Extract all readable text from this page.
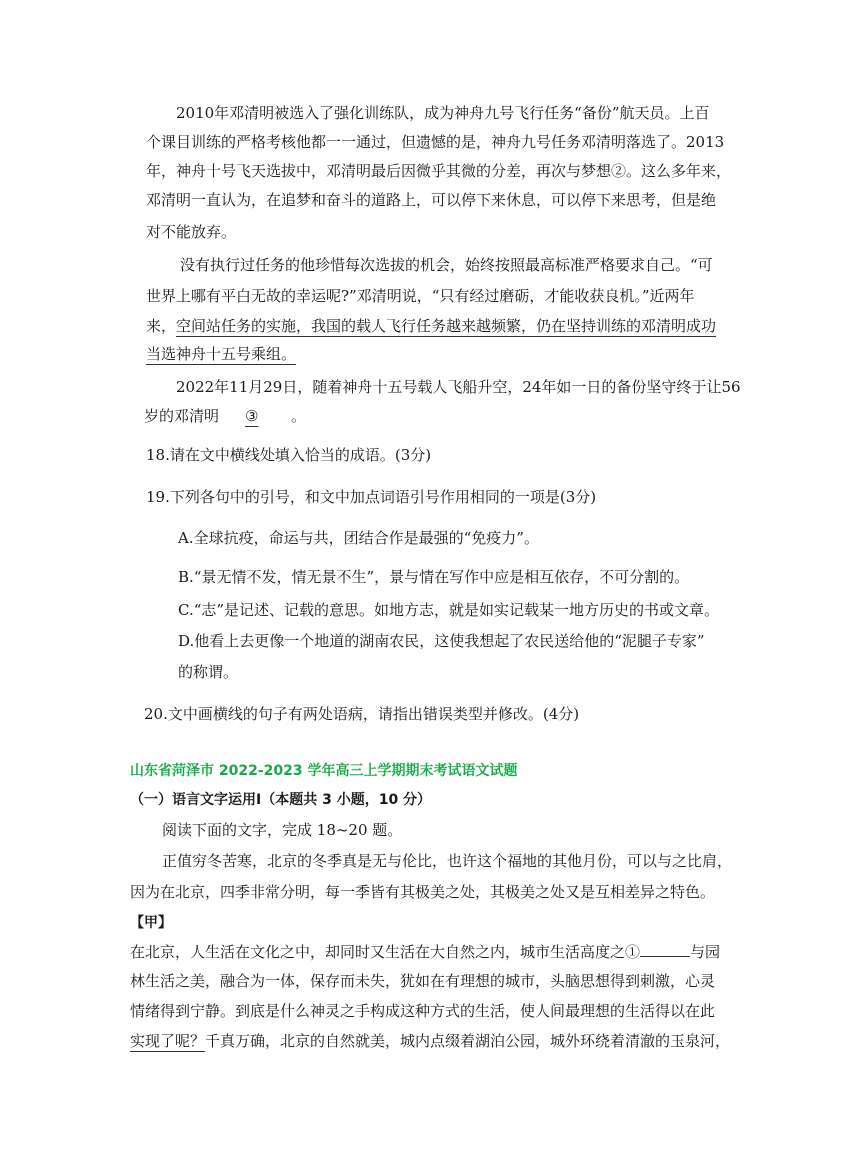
2010年邓清明被选入了强化训练队，成为神舟九号飞行任务“备份”航天员。上百
个课目训练的严格考核他都一一通过，但遗憾的是，神舟九号任务邓清明落选了。2013
年，神舟十号飞天选拔中，邓清明最后因微乎其微的分差，再次与梦想②。这么多年来，
邓清明一直认为，在追梦和奋斗的道路上，可以停下来休息，可以停下来思考，但是绝
对不能放弃。
没有执行过任务的他珍惜每次选拔的机会，始终按照最高标准严格要求自己。“可
世界上哪有平白无故的幸运呢?”邓清明说，“只有经过磨砺，才能收获良机。”近两年
来，空间站任务的实施，我国的载人飞行任务越来越频繁，仍在坚持训练的邓清明成功
当选神舟十五号乘组。
2022年11月29日，随着神舟十五号载人飞船升空，24年如一日的备份坚守终于让56
岁的邓清明 ③ 。
18.请在文中横线处填入恰当的成语。(3分)
19.下列各句中的引号，和文中加点词语引号作用相同的一项是(3分)
A.全球抗疫，命运与共，团结合作是最强的“免疫力”。
B.“景无情不发，情无景不生”，景与情在写作中应是相互依存，不可分割的。
C.“志”是记述、记载的意思。如地方志，就是如实记载某一地方历史的书或文章。
D.他看上去更像一个地道的湖南农民，这使我想起了农民送给他的“泥腿子专家”
的称谓。
20.文中画横线的句子有两处语病，请指出错误类型并修改。(4分)
山东省菏泽市 2022-2023 学年高三上学期期末考试语文试题
（一）语言文字运用Ⅰ（本题共 3 小题，10 分）
阅读下面的文字，完成 18~20 题。
正值穷冬苦寒，北京的冬季真是无与伦比，也许这个福地的其他月份，可以与之比肩，
因为在北京，四季非常分明，每一季皆有其极美之处，其极美之处又是互相差异之特色。
【甲】
在北京，人生活在文化之中，却同时又生活在大自然之内，城市生活高度之①	与园
林生活之美，融合为一体，保存而未失，犹如在有理想的城市，头脑思想得到刺激，心灵
情绪得到宁静。到底是什么神灵之手构成这种方式的生活，使人间最理想的生活得以在此
实现了呢？千真万确，北京的自然就美，城内点缀着湖泊公园，城外环绕着清澈的玉泉河，
